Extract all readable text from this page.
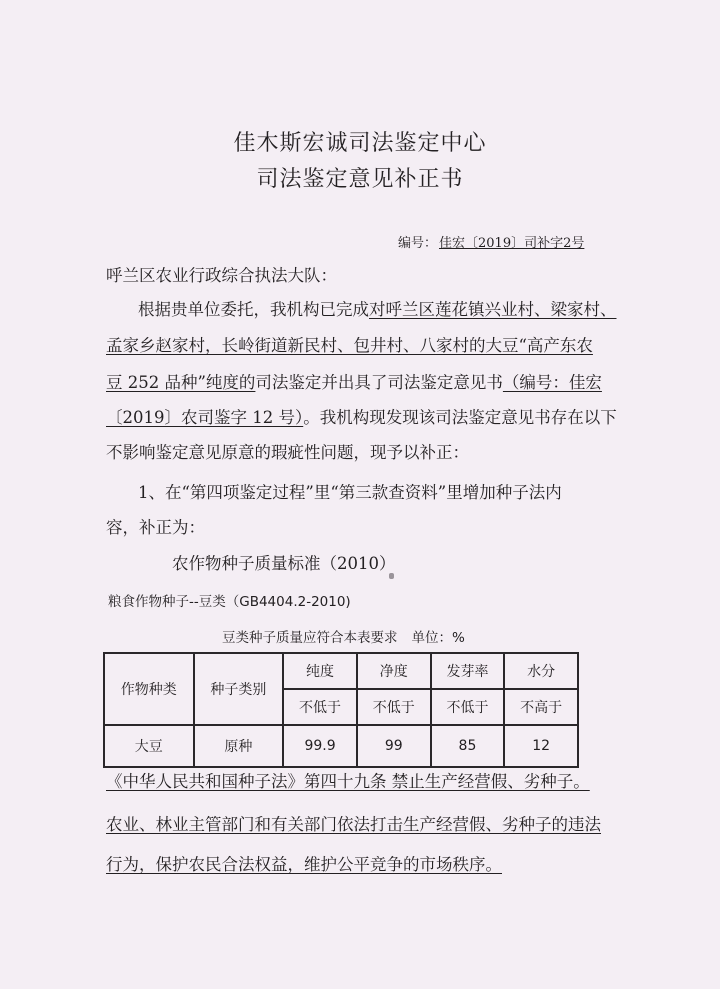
佳木斯宏诚司法鉴定中心
司法鉴定意见补正书
编号： 佳宏〔2019〕司补字2号
呼兰区农业行政综合执法大队：
根据贵单位委托，我机构已完成对呼兰区莲花镇兴业村、梁家村、
孟家乡赵家村，长岭街道新民村、包井村、八家村的大豆“高产东农
豆 252 品种”纯度的司法鉴定并出具了司法鉴定意见书（编号：佳宏
〔2019〕农司鉴字 12 号）。我机构现发现该司法鉴定意见书存在以下
不影响鉴定意见原意的瑕疵性问题，现予以补正：
1、在“第四项鉴定过程”里“第三款查资料”里增加种子法内
容，补正为：
农作物种子质量标准（2010）
粮食作物种子--豆类（GB4404.2-2010)
豆类种子质量应符合本表要求 单位：%
作物种类	种子类别	纯度	净度	发芽率	水分
		不低于	不低于	不低于	不高于
大豆	原种	99.9	99	85	12
《中华人民共和国种子法》第四十九条 禁止生产经营假、劣种子。
农业、林业主管部门和有关部门依法打击生产经营假、劣种子的违法
行为，保护农民合法权益，维护公平竞争的市场秩序。
